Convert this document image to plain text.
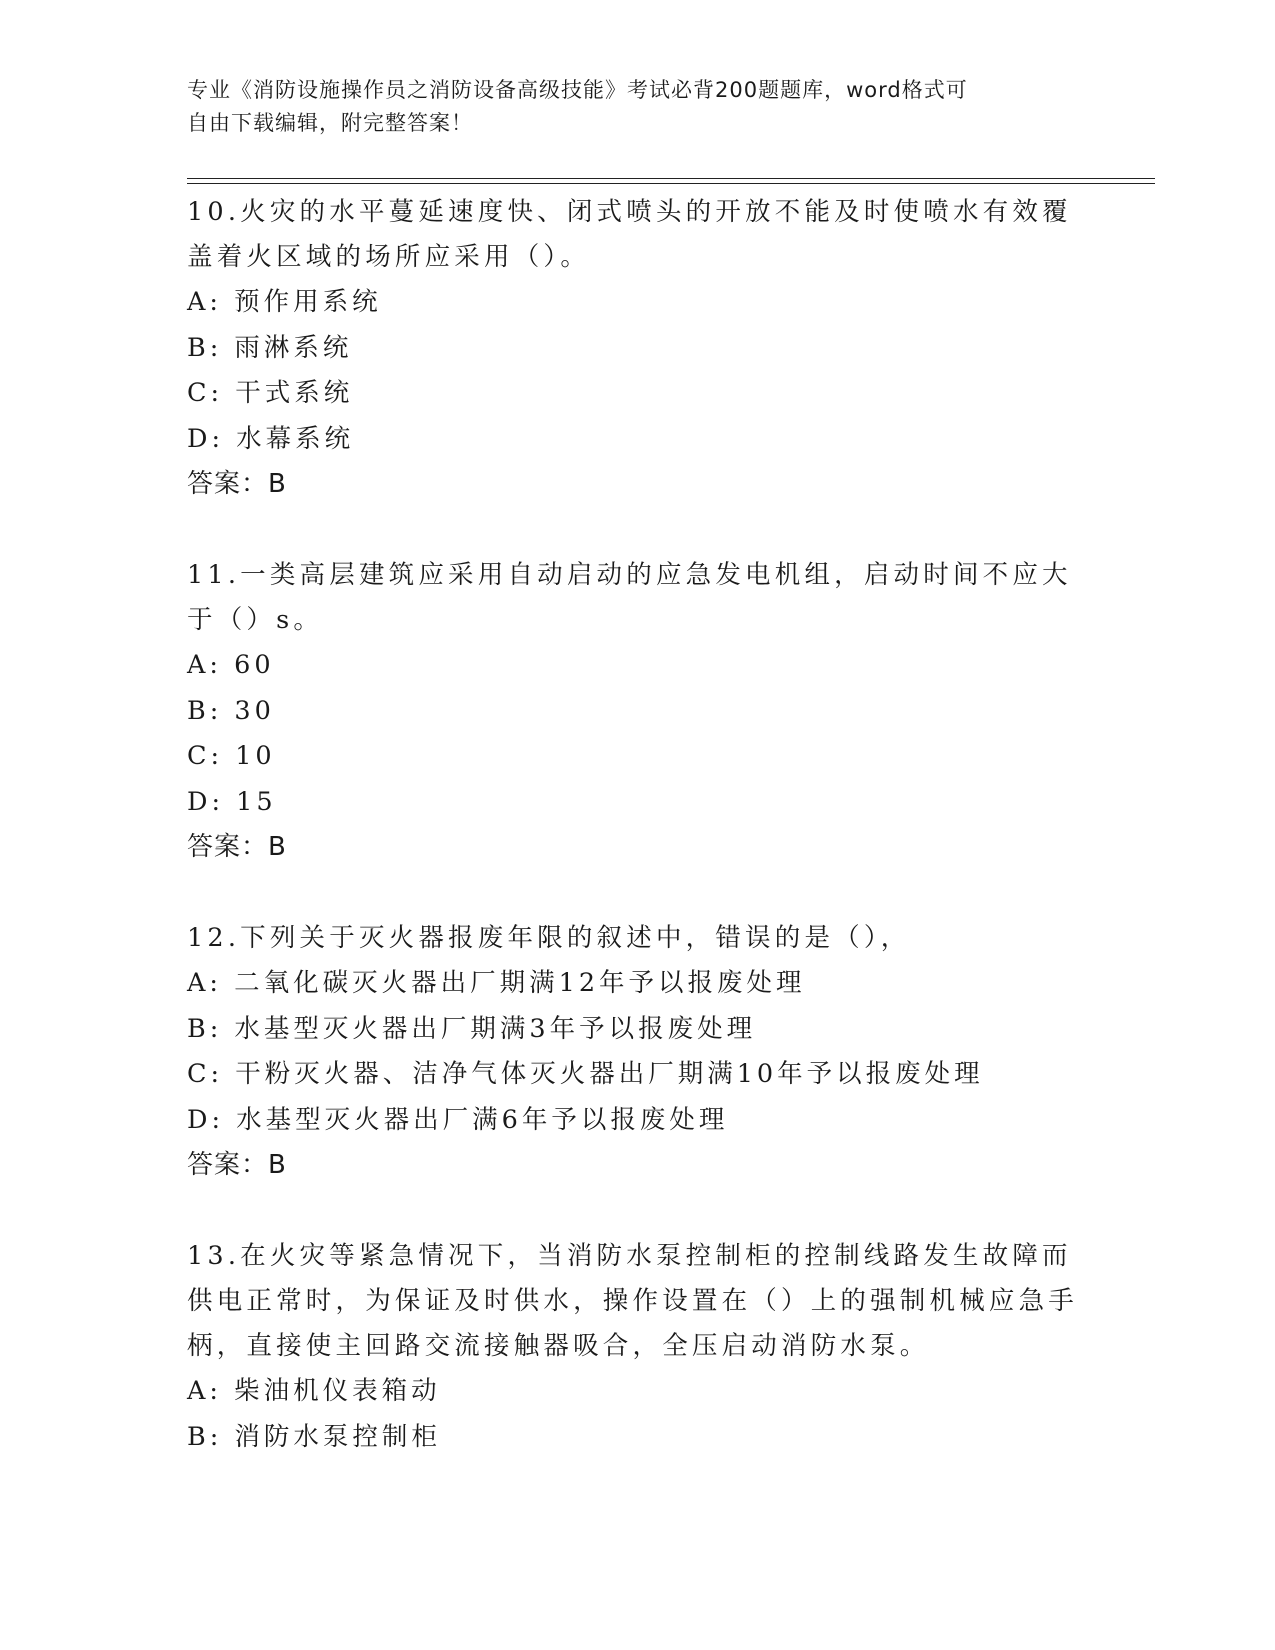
专业《消防设施操作员之消防设备高级技能》考试必背200题题库，word格式可
自由下载编辑，附完整答案！

10.火灾的水平蔓延速度快、闭式喷头的开放不能及时使喷水有效覆盖着火区域的场所应采用（）。

A: 预作用系统

B: 雨淋系统

C: 干式系统

D: 水幕系统

答案：B

11.一类高层建筑应采用自动启动的应急发电机组，启动时间不应大于（）s。

A: 60

B: 30

C: 10

D: 15

答案：B

12.下列关于灭火器报废年限的叙述中，错误的是（），

A: 二氧化碳灭火器出厂期满12年予以报废处理

B: 水基型灭火器出厂期满3年予以报废处理

C: 干粉灭火器、洁净气体灭火器出厂期满10年予以报废处理

D: 水基型灭火器出厂满6年予以报废处理

答案：B

13.在火灾等紧急情况下，当消防水泵控制柜的控制线路发生故障而供电正常时，为保证及时供水，操作设置在（）上的强制机械应急手柄，直接使主回路交流接触器吸合，全压启动消防水泵。

A: 柴油机仪表箱动

B: 消防水泵控制柜
